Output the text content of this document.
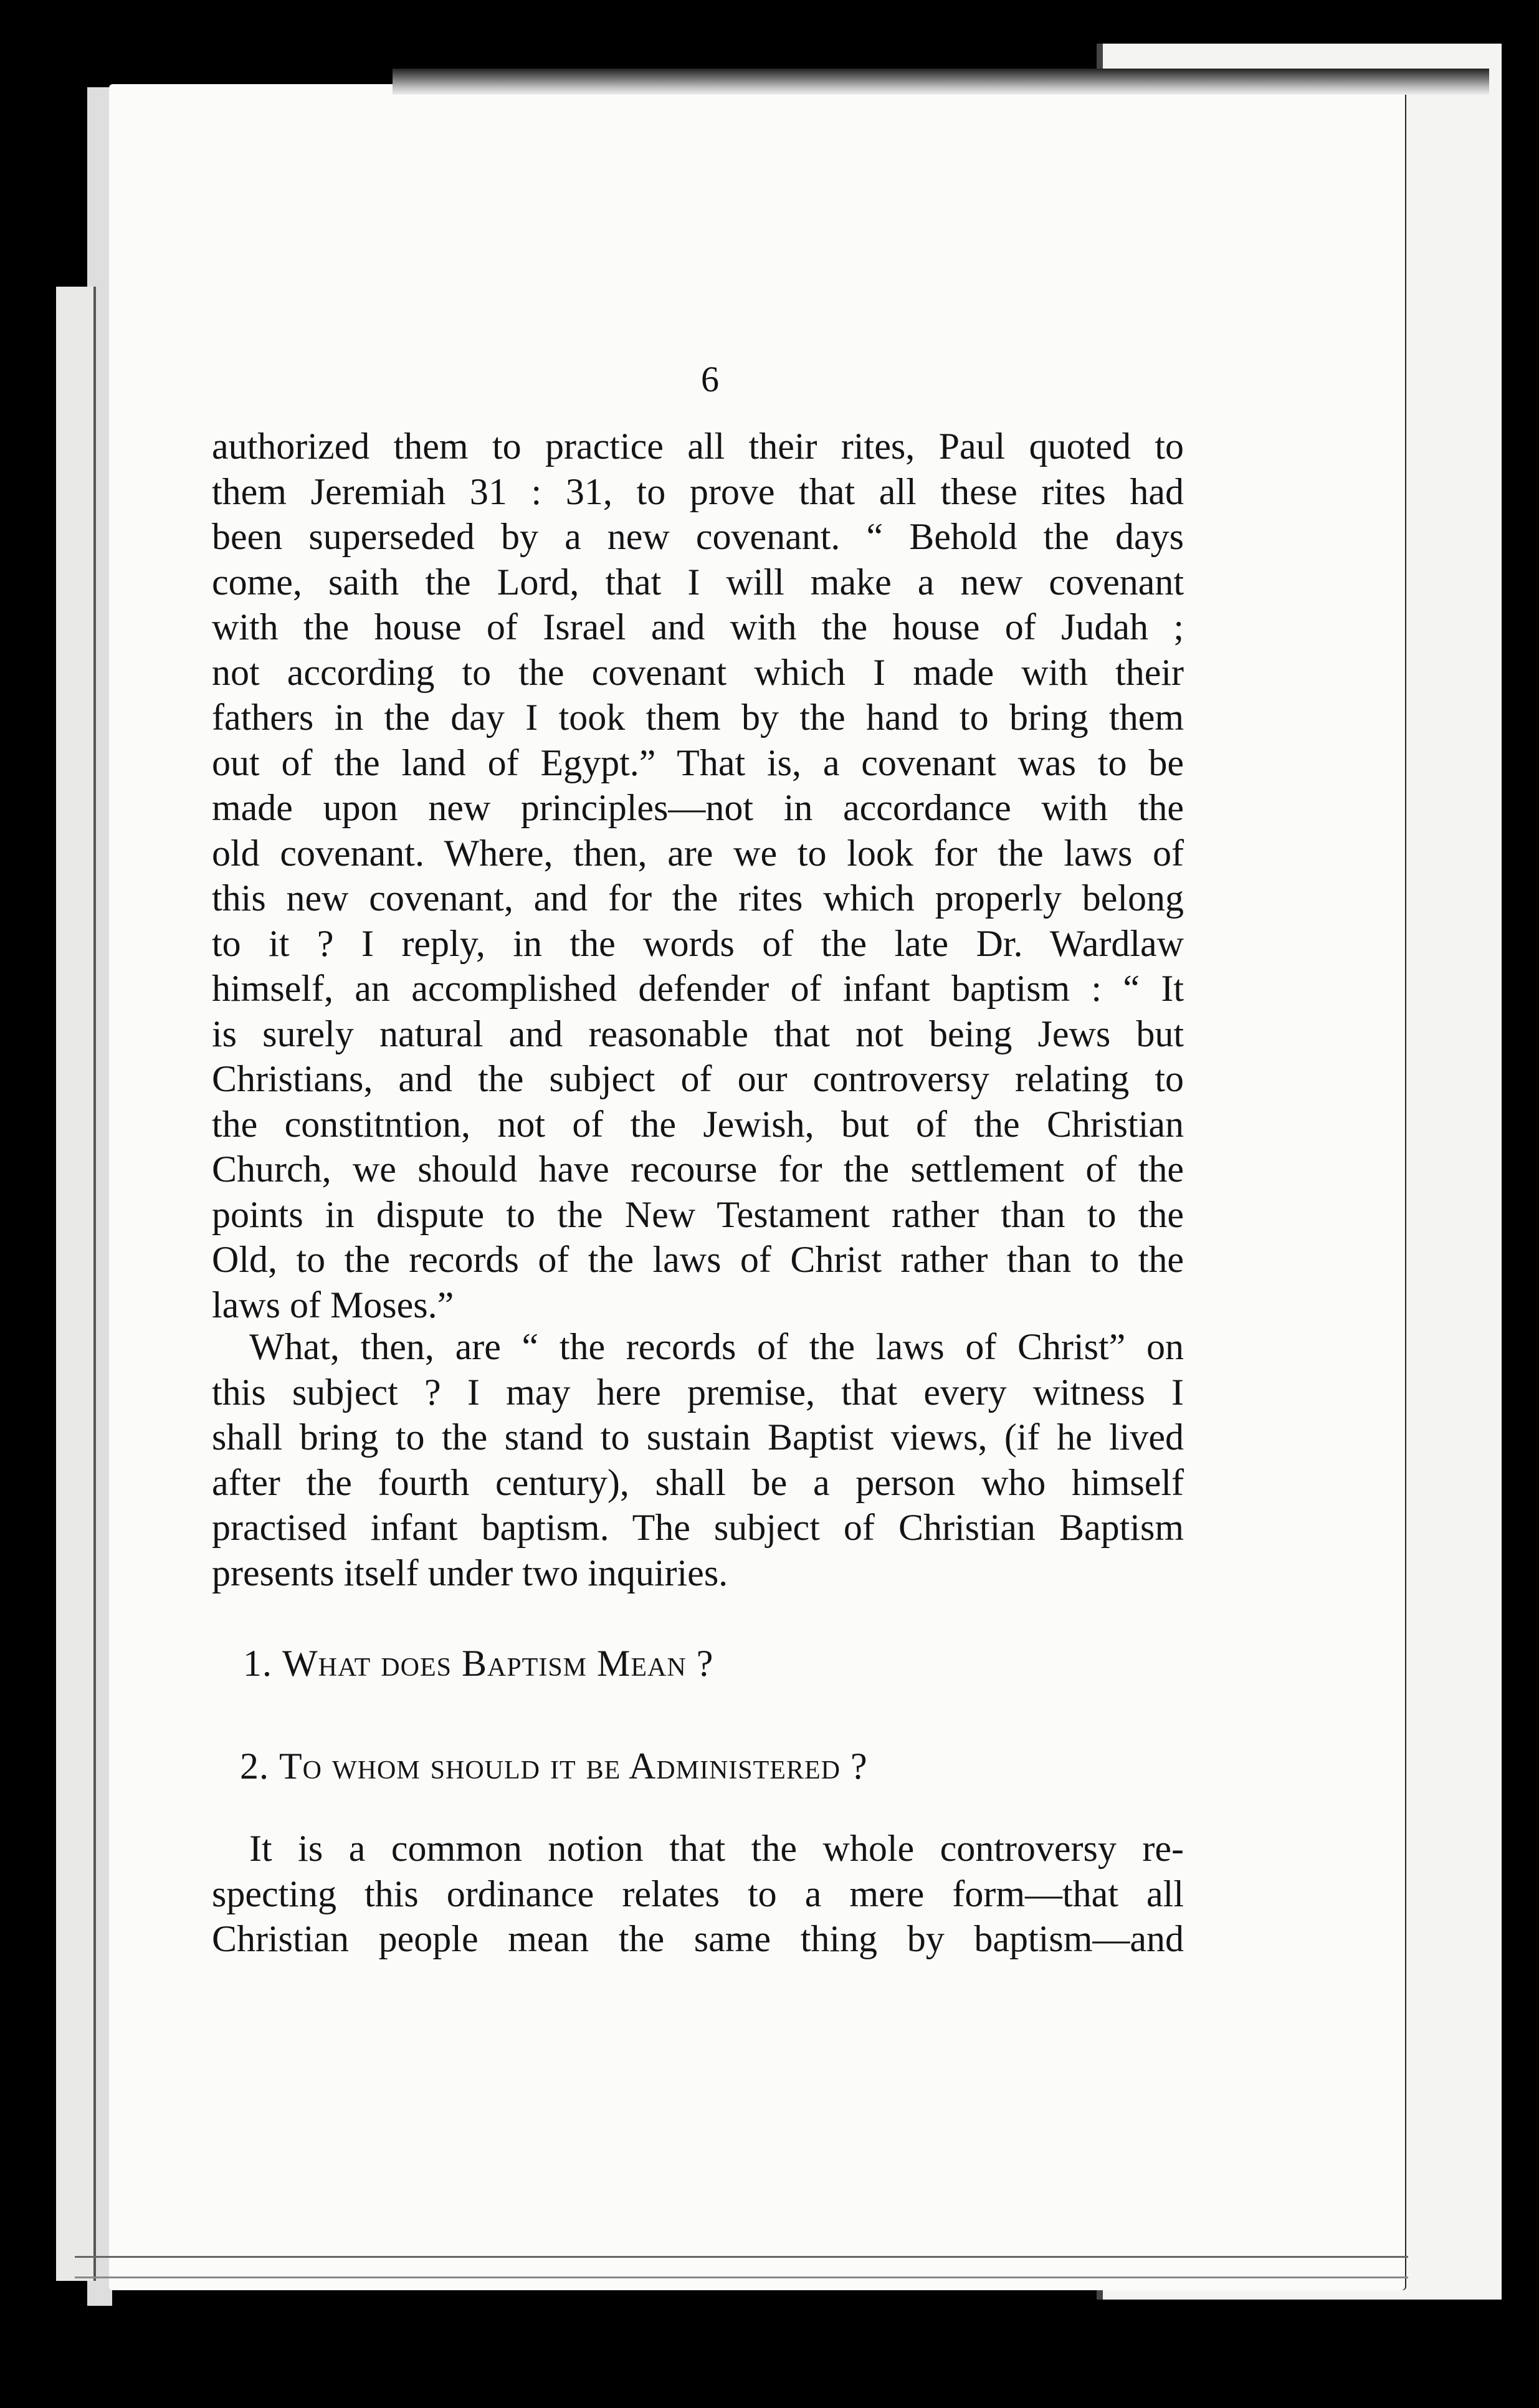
6
authorized them to practice all their rites, Paul quoted to
them Jeremiah 31 : 31, to prove that all these rites had
been superseded by a new covenant. “ Behold the days
come, saith the Lord, that I will make a new covenant
with the house of Israel and with the house of Judah ;
not according to the covenant which I made with their
fathers in the day I took them by the hand to bring them
out of the land of Egypt.” That is, a covenant was to be
made upon new principles—not in accordance with the
old covenant. Where, then, are we to look for the laws of
this new covenant, and for the rites which properly belong
to it ? I reply, in the words of the late Dr. Wardlaw
himself, an accomplished defender of infant baptism : “ It
is surely natural and reasonable that not being Jews but
Christians, and the subject of our controversy relating to
the constitntion, not of the Jewish, but of the Christian
Church, we should have recourse for the settlement of the
points in dispute to the New Testament rather than to the
Old, to the records of the laws of Christ rather than to the
laws of Moses.”
What, then, are “ the records of the laws of Christ” on
this subject ? I may here premise, that every witness I
shall bring to the stand to sustain Baptist views, (if he lived
after the fourth century), shall be a person who himself
practised infant baptism. The subject of Christian Baptism
presents itself under two inquiries.
1. What does Baptism Mean ?
2. To whom should it be Administered ?
It is a common notion that the whole controversy re-
specting this ordinance relates to a mere form—that all
Christian people mean the same thing by baptism—and
